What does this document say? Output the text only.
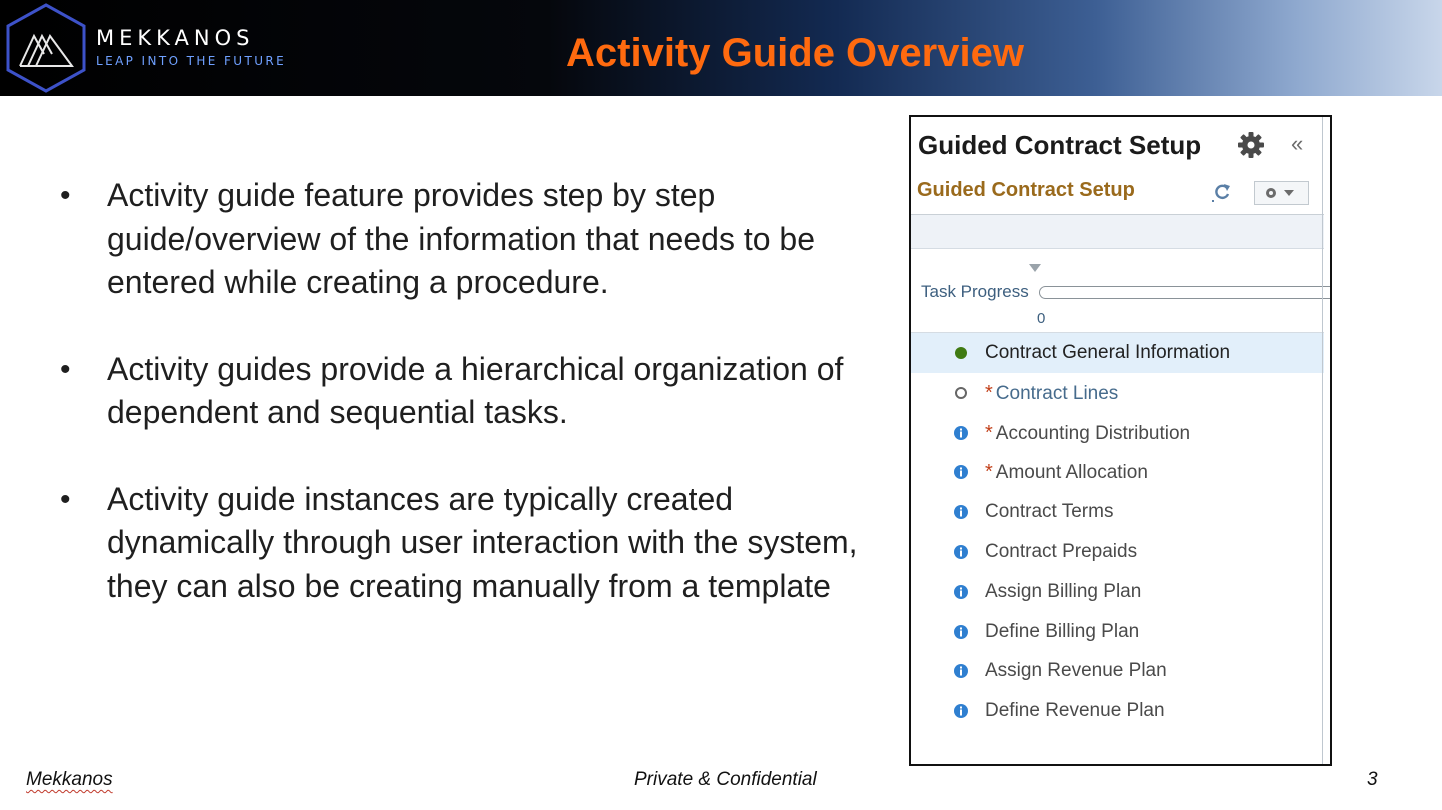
MEKKANOS
LEAP INTO THE FUTURE	Activity Guide Overview
• Activity guide feature provides step by step guide/overview of the information that needs to be entered while creating a procedure.
• Activity guides provide a hierarchical organization of dependent and sequential tasks.
• Activity guide instances are typically created dynamically through user interaction with the system, they can also be creating manually from a template
Guided Contract Setup	«
Guided Contract Setup
Task Progress
0
Contract General Information
* Contract Lines
* Accounting Distribution
* Amount Allocation
Contract Terms
Contract Prepaids
Assign Billing Plan
Define Billing Plan
Assign Revenue Plan
Define Revenue Plan
Mekkanos	Private & Confidential	3
